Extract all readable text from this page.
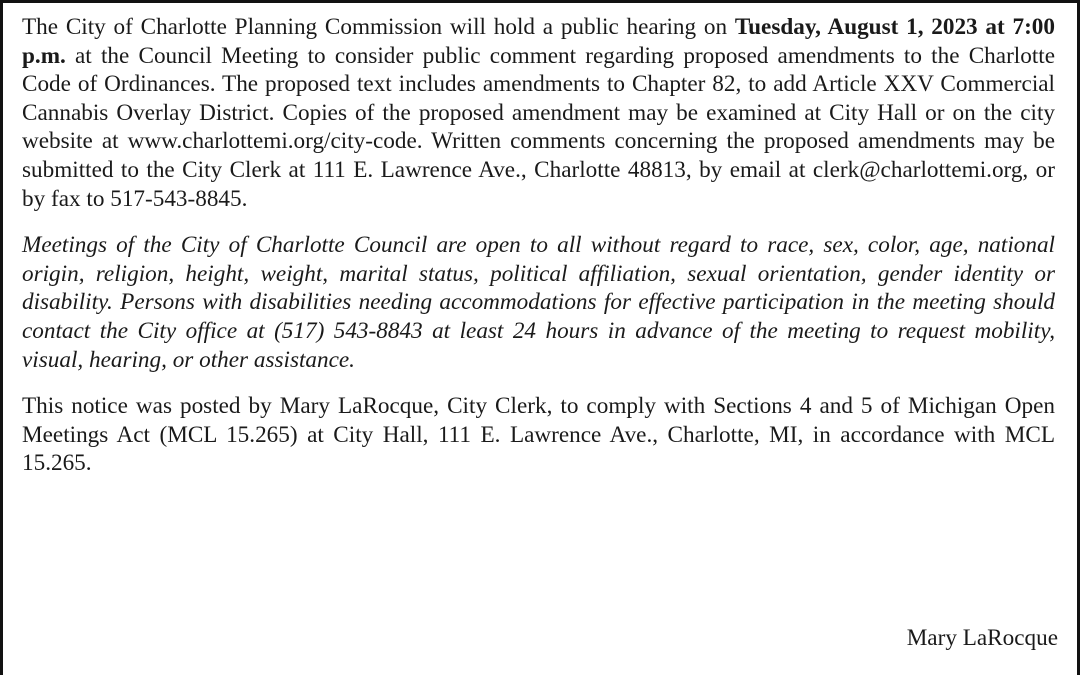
The City of Charlotte Planning Commission will hold a public hearing on Tuesday, August 1, 2023 at 7:00 p.m. at the Council Meeting to consider public comment regarding proposed amendments to the Charlotte Code of Ordinances. The proposed text includes amendments to Chapter 82, to add Article XXV Commercial Cannabis Overlay District. Copies of the proposed amendment may be examined at City Hall or on the city website at www.charlottemi.org/city-code. Written comments concerning the proposed amendments may be submitted to the City Clerk at 111 E. Lawrence Ave., Charlotte 48813, by email at clerk@charlottemi.org, or by fax to 517-543-8845.

Meetings of the City of Charlotte Council are open to all without regard to race, sex, color, age, national origin, religion, height, weight, marital status, political affiliation, sexual orientation, gender identity or disability. Persons with disabilities needing accommodations for effective participation in the meeting should contact the City office at (517) 543-8843 at least 24 hours in advance of the meeting to request mobility, visual, hearing, or other assistance.

This notice was posted by Mary LaRocque, City Clerk, to comply with Sections 4 and 5 of Michigan Open Meetings Act (MCL 15.265) at City Hall, 111 E. Lawrence Ave., Charlotte, MI, in accordance with MCL 15.265.

Mary LaRocque
